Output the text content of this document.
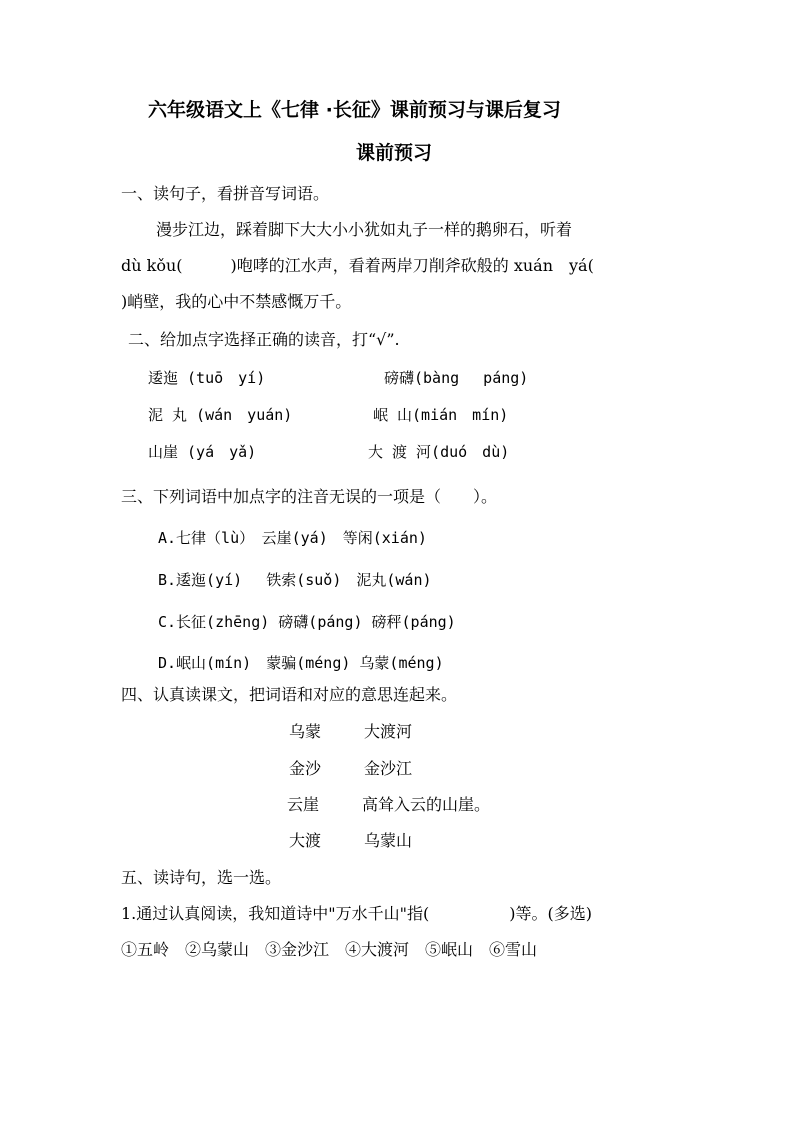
六年级语文上《七律 ·长征》课前预习与课后复习
课前预习
一、读句子，看拼音写词语。
漫步江边，踩着脚下大大小小犹如丸子一样的鹅卵石，听着
dù kǒu(　　　)咆哮的江水声，看着两岸刀削斧砍般的 xuán　yá(
)峭壁，我的心中不禁感慨万千。
二、给加点字选择正确的读音，打“√”.
逶迤 (tuō　yí)	磅礴(bàng　 páng)
泥 丸 (wán　yuán)	岷 山(mián　mín)
山崖 (yá　yǎ)	大 渡 河(duó　dù)
三、下列词语中加点字的注音无误的一项是（　　）。
A.七律（lù）　云崖(yá)　等闲(xián)
B.逶迤(yí)　 铁索(suǒ)　泥丸(wán)
C.长征(zhēng) 磅礴(páng) 磅秤(páng)
D.岷山(mín)　蒙骗(méng) 乌蒙(méng)
四、认真读课文，把词语和对应的意思连起来。
乌蒙	大渡河
金沙	金沙江
云崖	高耸入云的山崖。
大渡	乌蒙山
五、读诗句，选一选。
1.通过认真阅读，我知道诗中"万水千山"指(　　　　　)等。(多选)
①五岭　②乌蒙山　③金沙江　④大渡河　⑤岷山　⑥雪山
